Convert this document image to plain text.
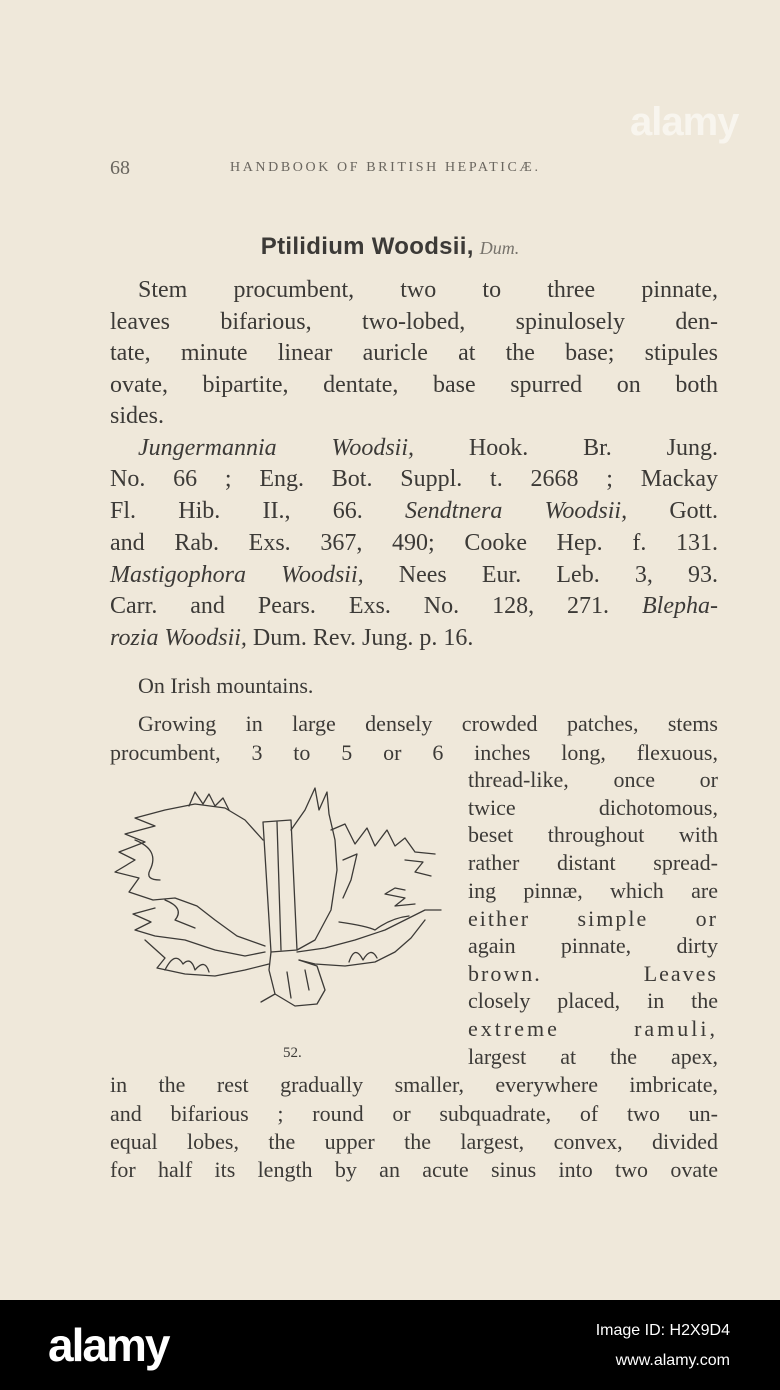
alamy
68	HANDBOOK OF BRITISH HEPATICÆ.
Ptilidium Woodsii, Dum.
Stem procumbent, two to three pinnate,
leaves bifarious, two-lobed, spinulosely den-
tate, minute linear auricle at the base; stipules
ovate, bipartite, dentate, base spurred on both
sides.
Jungermannia Woodsii, Hook. Br. Jung.
No. 66 ; Eng. Bot. Suppl. t. 2668 ; Mackay
Fl. Hib. II., 66. Sendtnera Woodsii, Gott.
and Rab. Exs. 367, 490; Cooke Hep. f. 131.
Mastigophora Woodsii, Nees Eur. Leb. 3, 93.
Carr. and Pears. Exs. No. 128, 271. Blepha-
rozia Woodsii, Dum. Rev. Jung. p. 16.
On Irish mountains.
Growing in large densely crowded patches, stems
procumbent, 3 to 5 or 6 inches long, flexuous,
thread-like, once or
twice dichotomous,
beset throughout with
rather distant spread-
ing pinnæ, which are
either simple or
again pinnate, dirty
brown. Leaves
closely placed, in the
extreme ramuli,
largest at the apex,
in the rest gradually smaller, everywhere imbricate,
and bifarious ; round or subquadrate, of two un-
equal lobes, the upper the largest, convex, divided
for half its length by an acute sinus into two ovate
52.
alamy	Image ID: H2X9D4
www.alamy.com
